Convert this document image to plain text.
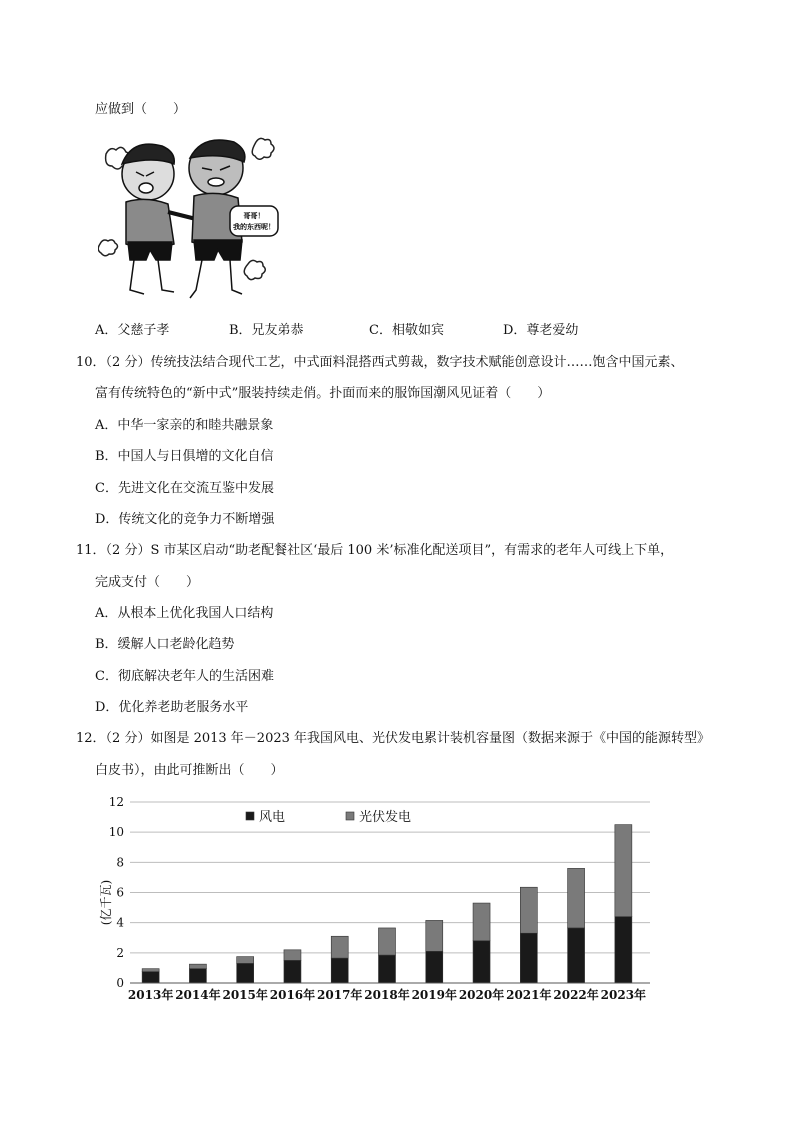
应做到（　　）
哥哥！
我的东西呢！
A．父慈子孝	B．兄友弟恭	C．相敬如宾	D．尊老爱幼
10．（2 分）传统技法结合现代工艺，中式面料混搭西式剪裁，数字技术赋能创意设计……饱含中国元素、
富有传统特色的“新中式”服装持续走俏。扑面而来的服饰国潮风见证着（　　）
A．中华一家亲的和睦共融景象
B．中国人与日俱增的文化自信
C．先进文化在交流互鉴中发展
D．传统文化的竞争力不断增强
11．（2 分）S 市某区启动“助老配餐社区‘最后 100 米’标准化配送项目”，有需求的老年人可线上下单，
完成支付（　　）
A．从根本上优化我国人口结构
B．缓解人口老龄化趋势
C．彻底解决老年人的生活困难
D．优化养老助老服务水平
12．（2 分）如图是 2013 年－2023 年我国风电、光伏发电累计装机容量图（数据来源于《中国的能源转型》
白皮书），由此可推断出（　　）
0
2
4
6
8
10
12
(亿千瓦)
2013年 2014年 2015年 2016年 2017年 2018年 2019年 2020年 2021年 2022年 2023年
风电	光伏发电
